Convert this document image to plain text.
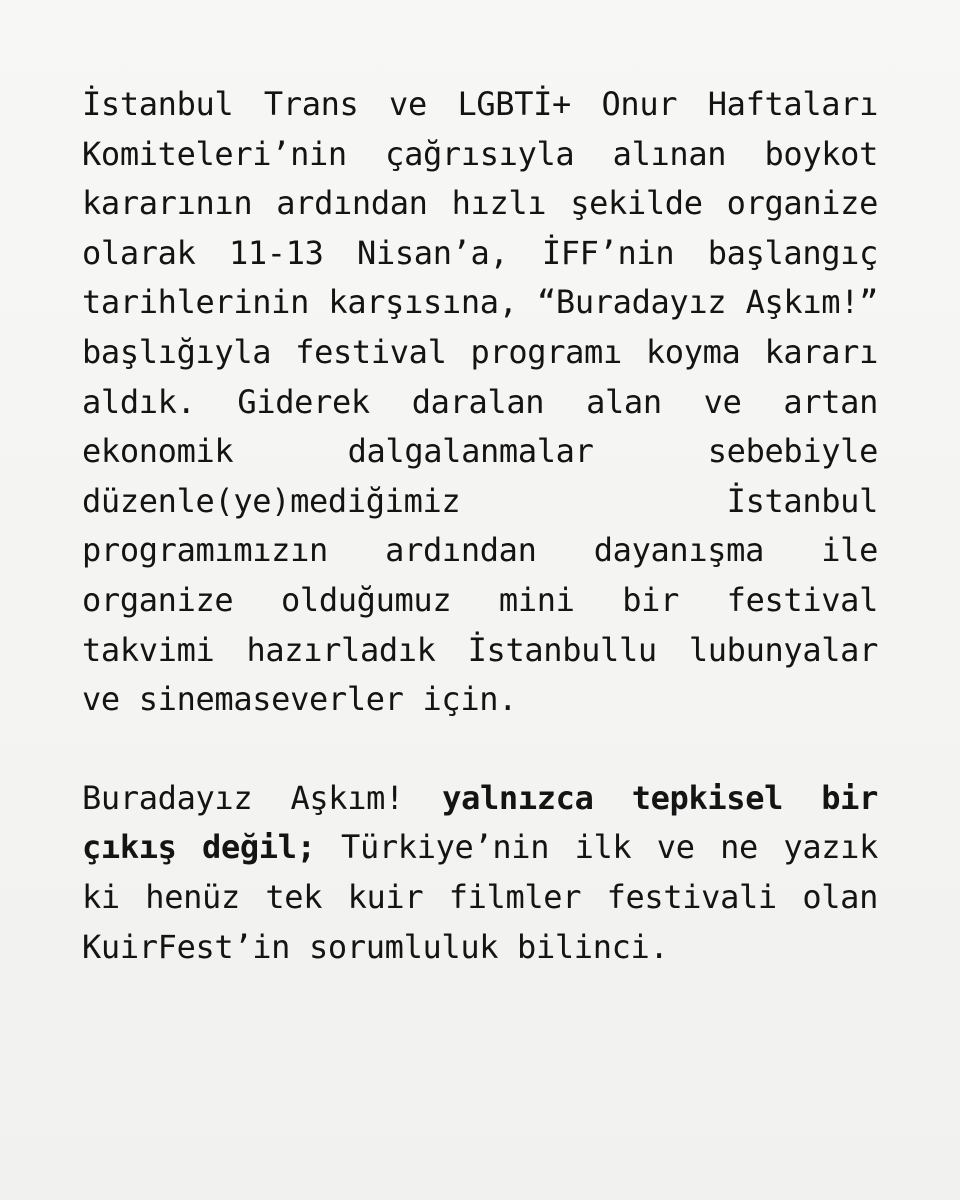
İstanbul Trans ve LGBTİ+ Onur Haftaları Komiteleri’nin çağrısıyla alınan boykot kararının ardından hızlı şekilde organize olarak 11-13 Nisan’a, İFF’nin başlangıç tarihlerinin karşısına, “Buradayız Aşkım!” başlığıyla festival programı koyma kararı aldık. Giderek daralan alan ve artan ekonomik dalgalanmalar sebebiyle düzenle(ye)mediğimiz İstanbul programımızın ardından dayanışma ile organize olduğumuz mini bir festival takvimi hazırladık İstanbullu lubunyalar ve sinemaseverler için.

Buradayız Aşkım! yalnızca tepkisel bir çıkış değil; Türkiye’nin ilk ve ne yazık ki henüz tek kuir filmler festivali olan KuirFest’in sorumluluk bilinci.
